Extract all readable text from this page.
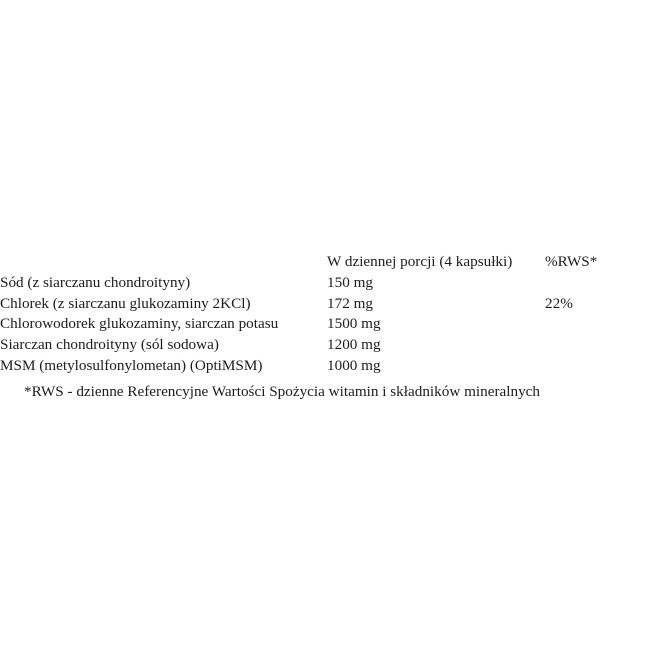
	W dziennej porcji (4 kapsułki)	%RWS*
Sód (z siarczanu chondroityny)	150 mg	
Chlorek (z siarczanu glukozaminy 2KCl)	172 mg	22%
Chlorowodorek glukozaminy, siarczan potasu	1500 mg	
Siarczan chondroityny (sól sodowa)	1200 mg	
MSM (metylosulfonylometan) (OptiMSM)	1000 mg	
*RWS - dzienne Referencyjne Wartości Spożycia witamin i składników mineralnych
